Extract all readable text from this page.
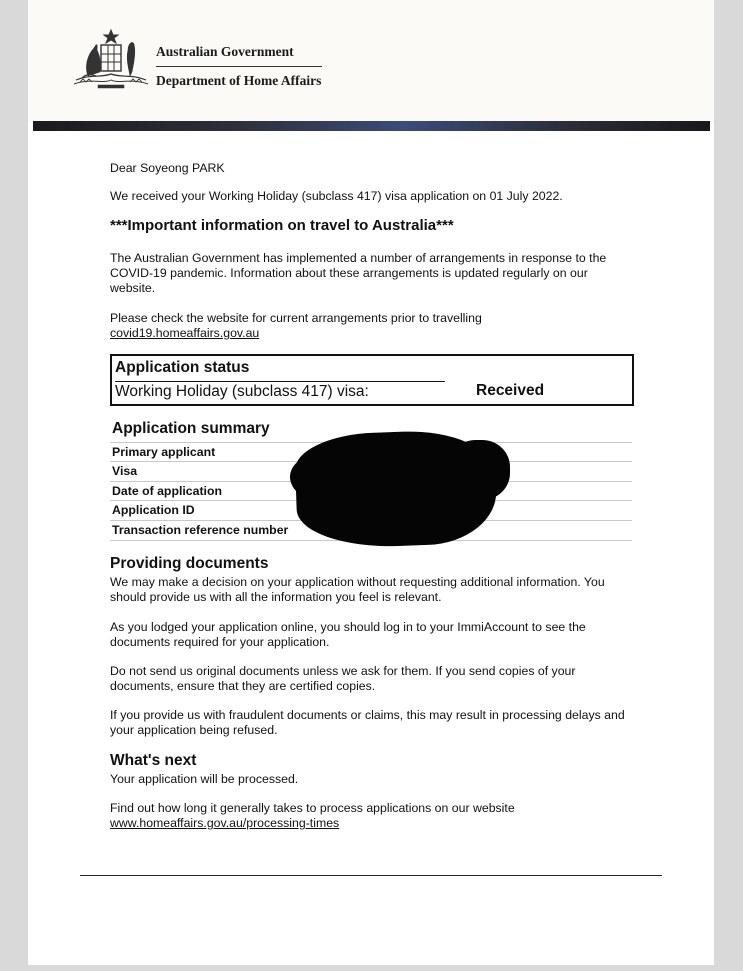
Australian Government

Department of Home Affairs

Dear Soyeong PARK

We received your Working Holiday (subclass 417) visa application on 01 July 2022.

***Important information on travel to Australia***

The Australian Government has implemented a number of arrangements in response to the COVID-19 pandemic. Information about these arrangements is updated regularly on our website.

Please check the website for current arrangements prior to travelling

covid19.homeaffairs.gov.au

Application status

Working Holiday (subclass 417) visa:	Received

Application summary

Primary applicant
Visa
Date of application
Application ID
Transaction reference number

Providing documents

We may make a decision on your application without requesting additional information. You should provide us with all the information you feel is relevant.

As you lodged your application online, you should log in to your ImmiAccount to see the documents required for your application.

Do not send us original documents unless we ask for them. If you send copies of your documents, ensure that they are certified copies.

If you provide us with fraudulent documents or claims, this may result in processing delays and your application being refused.

What's next

Your application will be processed.

Find out how long it generally takes to process applications on our website

www.homeaffairs.gov.au/processing-times
